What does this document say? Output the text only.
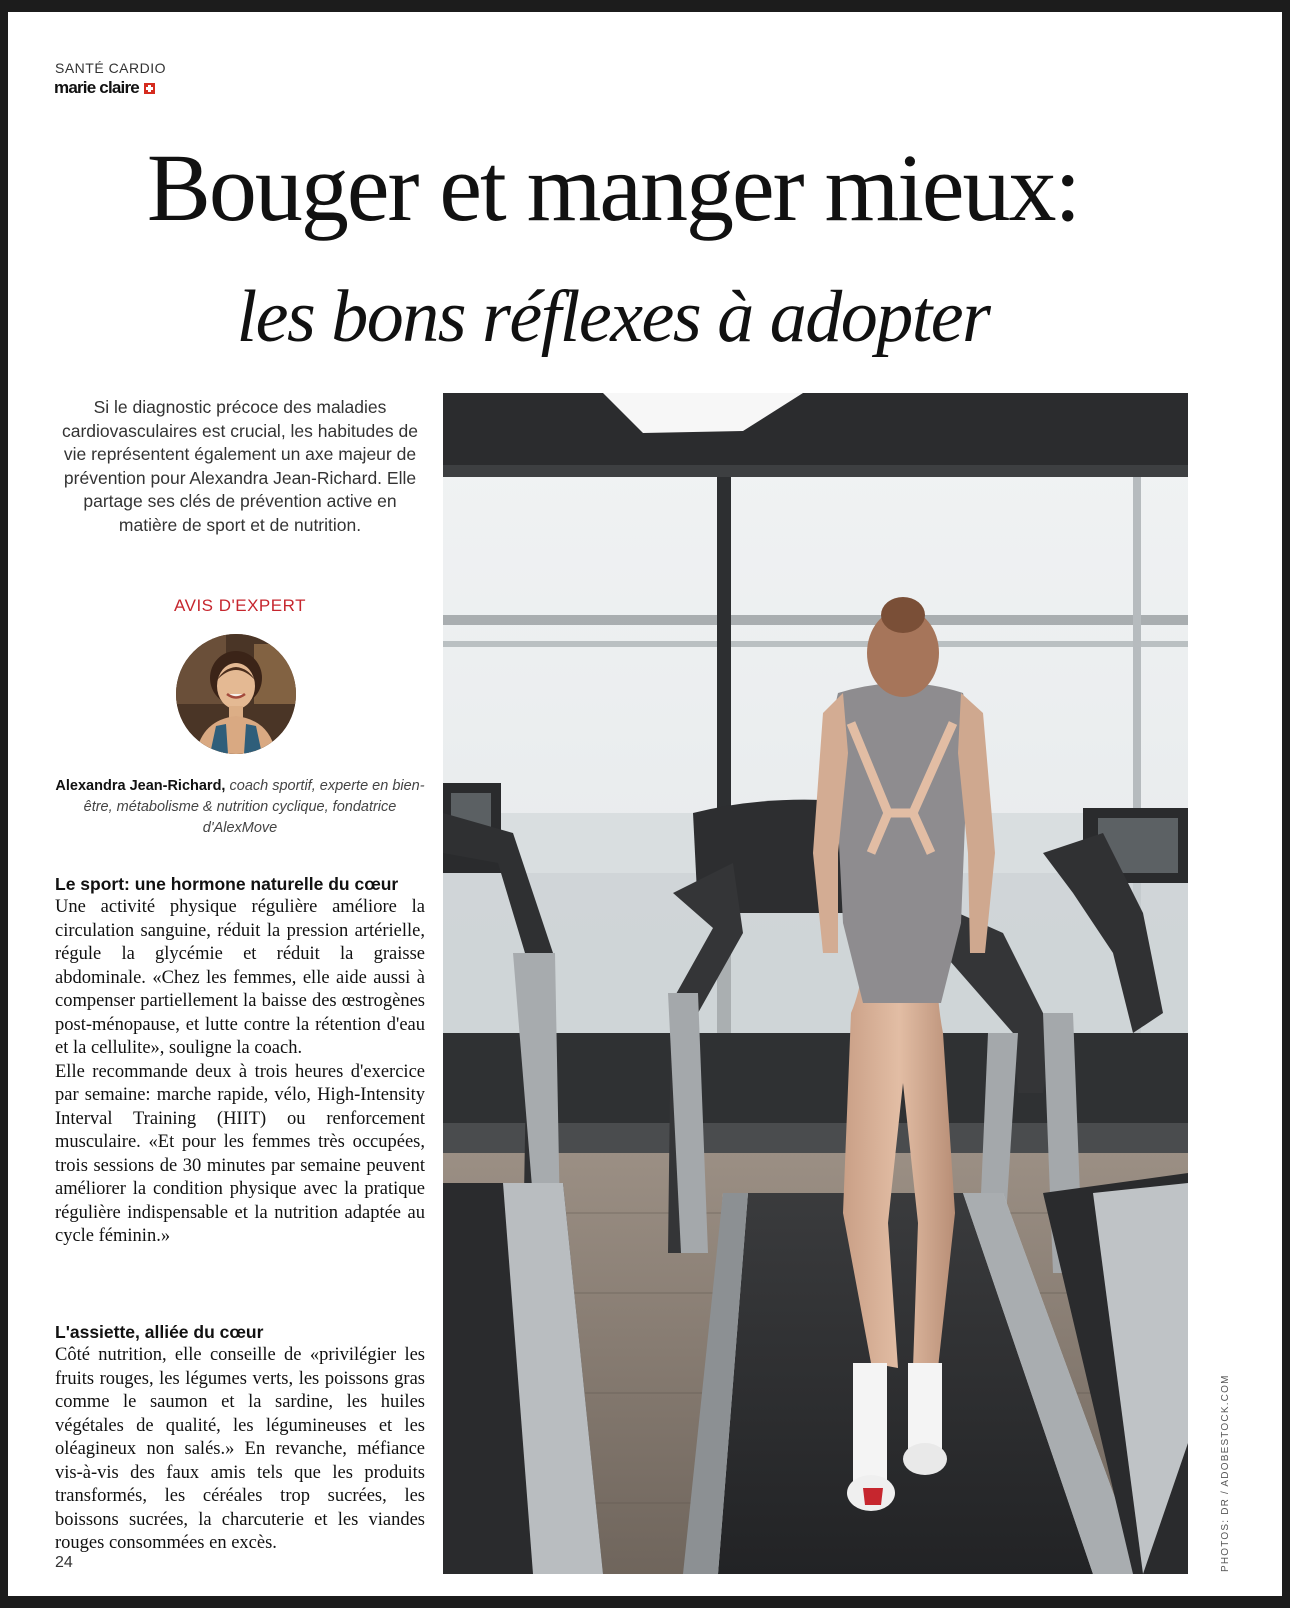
SANTÉ CARDIO
marie claire
Bouger et manger mieux:
les bons réflexes à adopter
Si le diagnostic précoce des maladies cardiovasculaires est crucial, les habitudes de vie représentent également un axe majeur de prévention pour Alexandra Jean-Richard. Elle partage ses clés de prévention active en matière de sport et de nutrition.
AVIS D'EXPERT
Alexandra Jean-Richard, coach sportif, experte en bien-être, métabolisme & nutrition cyclique, fondatrice d'AlexMove
Le sport: une hormone naturelle du cœur

Une activité physique régulière améliore la circulation sanguine, réduit la pression artérielle, régule la glycémie et réduit la graisse abdominale. «Chez les femmes, elle aide aussi à compenser partiellement la baisse des œstrogènes post-ménopause, et lutte contre la rétention d'eau et la cellulite», souligne la coach.

Elle recommande deux à trois heures d'exercice par semaine: marche rapide, vélo, High-Intensity Interval Training (HIIT) ou renforcement musculaire. «Et pour les femmes très occupées, trois sessions de 30 minutes par semaine peuvent améliorer la condition physique avec la pratique régulière indispensable et la nutrition adaptée au cycle féminin.»

L'assiette, alliée du cœur

Côté nutrition, elle conseille de «privilégier les fruits rouges, les légumes verts, les poissons gras comme le saumon et la sardine, les huiles végétales de qualité, les légumineuses et les oléagineux non salés.» En revanche, méfiance vis-à-vis des faux amis tels que les produits transformés, les céréales trop sucrées, les boissons sucrées, la charcuterie et les viandes rouges consommées en excès.

24	PHOTOS: DR / ADOBESTOCK.COM
